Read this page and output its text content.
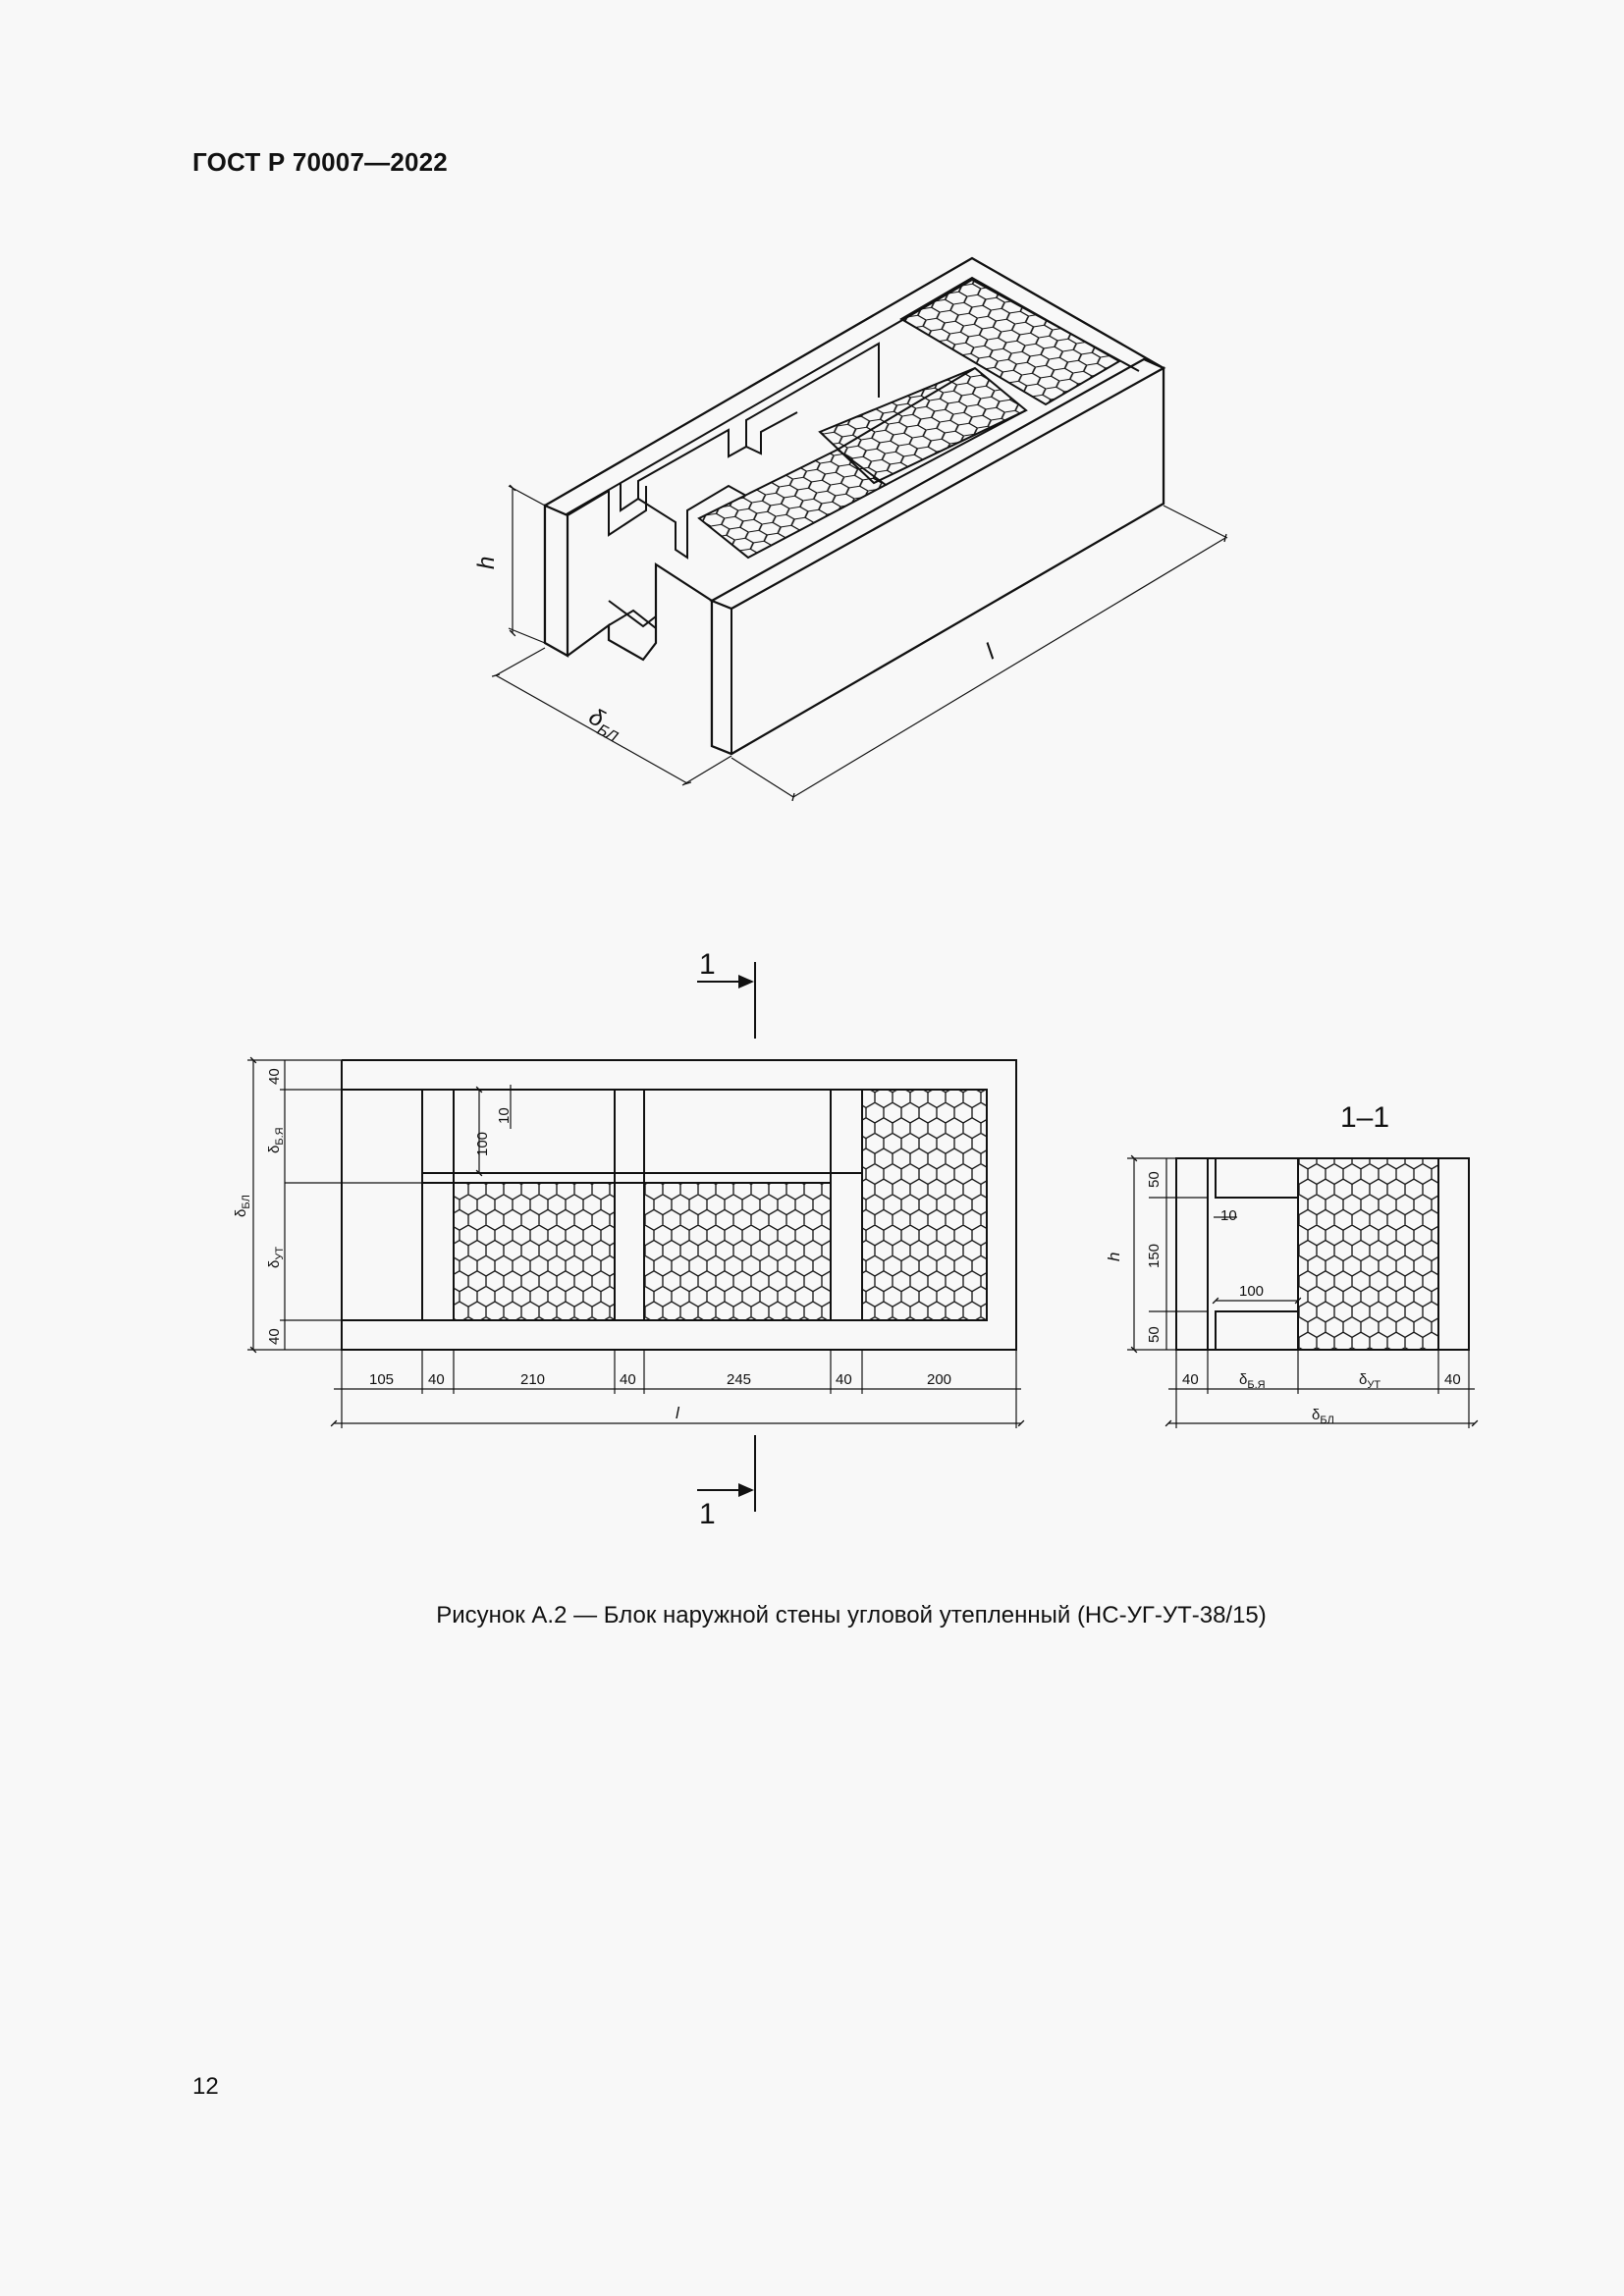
ГОСТ Р 70007—2022
h
$\delta_{БЛ}$
l
1
1
100
10
$\delta_{БЛ}$
40
$\delta_{Б.Я}$
$\delta_{УТ}$
40
105 40	210	40	245	40	200
l
1–1
10
100
h
50
150
50
40	$\delta_{Б.Я}$	$\delta_{УТ}$	40
$\delta_{БЛ}$
Рисунок А.2 — Блок наружной стены угловой утепленный (НС-УГ-УТ-38/15)
12
